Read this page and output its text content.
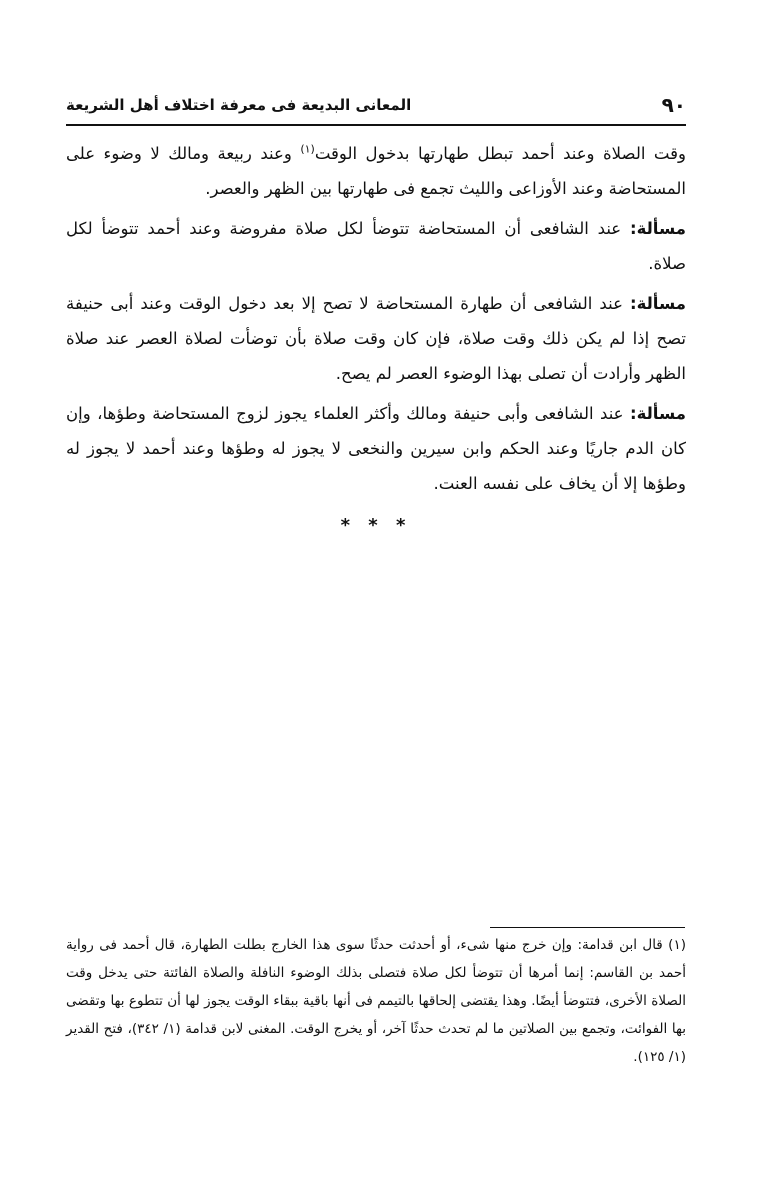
٩٠
المعانى البديعة فى معرفة اختلاف أهل الشريعة

وقت الصلاة وعند أحمد تبطل طهارتها بدخول الوقت$^{(١)}$ وعند ربيعة ومالك لا وضوء على المستحاضة وعند الأوزاعى والليث تجمع فى طهارتها بين الظهر والعصر.

مسألة: عند الشافعى أن المستحاضة تتوضأ لكل صلاة مفروضة وعند أحمد تتوضأ لكل صلاة.

مسألة: عند الشافعى أن طهارة المستحاضة لا تصح إلا بعد دخول الوقت وعند أبى حنيفة تصح إذا لم يكن ذلك وقت صلاة، فإن كان وقت صلاة بأن توضأت لصلاة العصر عند صلاة الظهر وأرادت أن تصلى بهذا الوضوء العصر لم يصح.

مسألة: عند الشافعى وأبى حنيفة ومالك وأكثر العلماء يجوز لزوج المستحاضة وطؤها، وإن كان الدم جاريًا وعند الحكم وابن سيرين والنخعى لا يجوز له وطؤها وعند أحمد لا يجوز له وطؤها إلا أن يخاف على نفسه العنت.

* * *

(١) قال ابن قدامة: وإن خرج منها شىء، أو أحدثت حدثًا سوى هذا الخارج بطلت الطهارة، قال أحمد فى رواية أحمد بن القاسم: إنما أمرها أن تتوضأ لكل صلاة فتصلى بذلك الوضوء النافلة والصلاة الفائتة حتى يدخل وقت الصلاة الأخرى، فتتوضأ أيضًا. وهذا يقتضى إلحاقها بالتيمم فى أنها باقية ببقاء الوقت يجوز لها أن تتطوع بها وتقضى بها الفوائت، وتجمع بين الصلاتين ما لم تحدث حدثًا آخر، أو يخرج الوقت. المغنى لابن قدامة (١/ ٣٤٢)، فتح القدير (١/ ١٢٥).
